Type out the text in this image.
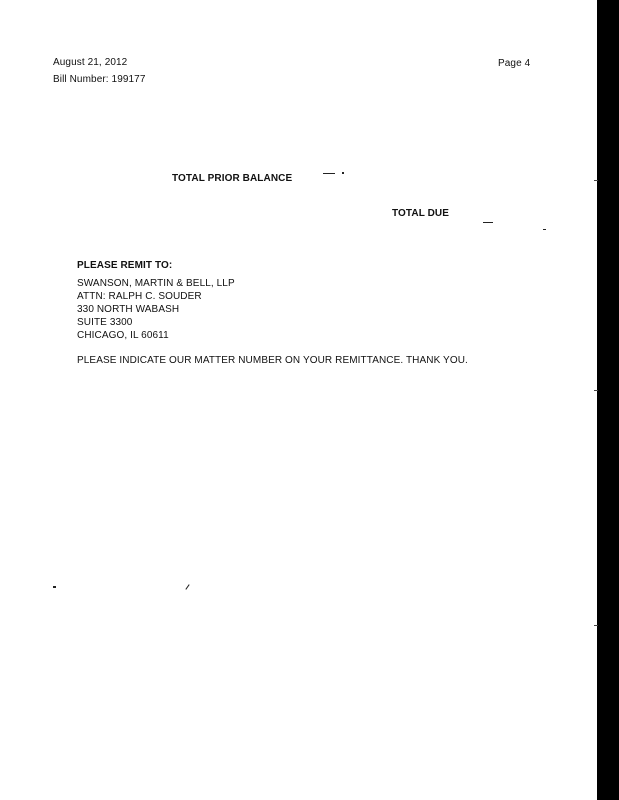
August 21, 2012	Page 4
Bill Number: 199177
TOTAL PRIOR BALANCE
TOTAL DUE
PLEASE REMIT TO:
SWANSON, MARTIN & BELL, LLP
ATTN: RALPH C. SOUDER
330 NORTH WABASH
SUITE 3300
CHICAGO, IL 60611
PLEASE INDICATE OUR MATTER NUMBER ON YOUR REMITTANCE. THANK YOU.
